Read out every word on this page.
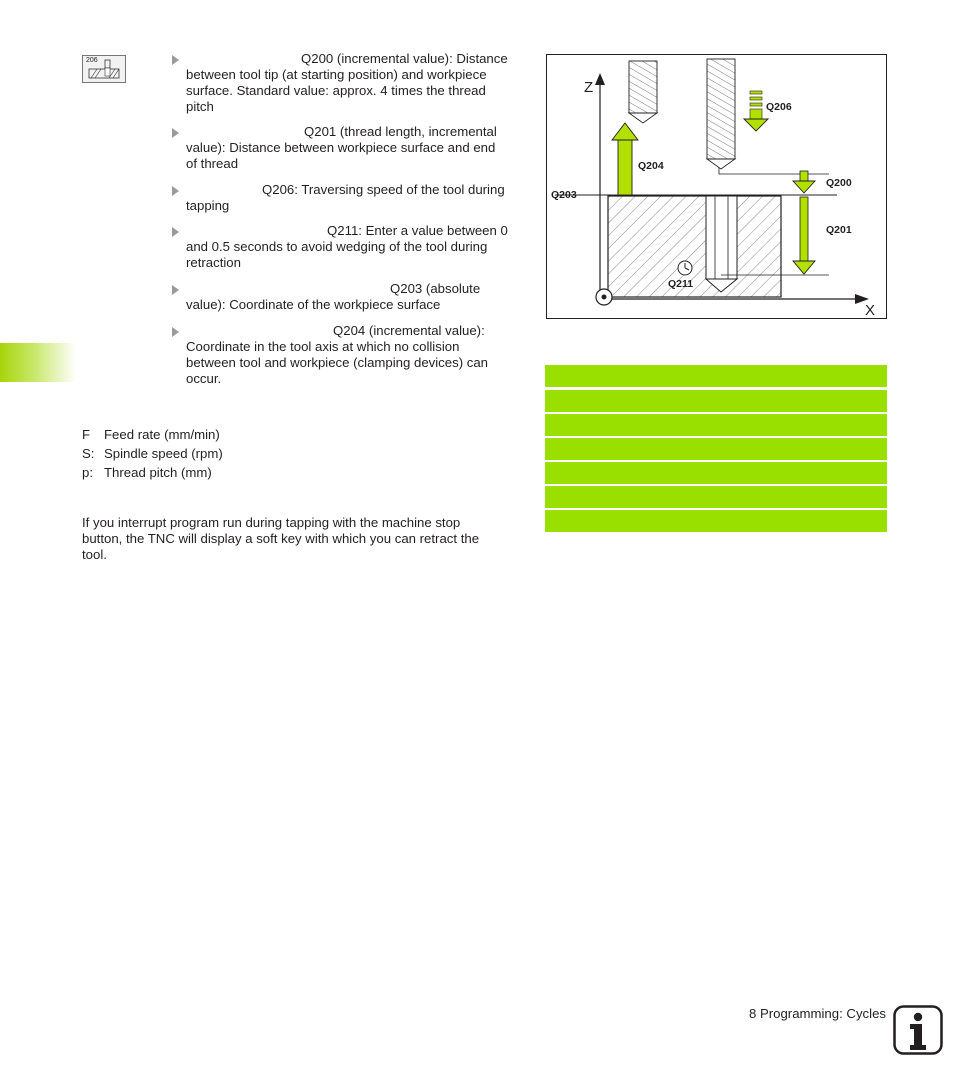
206	Q200 (incremental value): Distance
between tool tip (at starting position) and workpiece
surface. Standard value: approx. 4 times the thread
pitch
Q201 (thread length, incremental
value): Distance between workpiece surface and end
of thread
Q206: Traversing speed of the tool during
tapping
Q211: Enter a value between 0
and 0.5 seconds to avoid wedging of the tool during
retraction
Q203 (absolute
value): Coordinate of the workpiece surface
Q204 (incremental value):
Coordinate in the tool axis at which no collision
between tool and workpiece (clamping devices) can
occur.
F Feed rate (mm/min)
S: Spindle speed (rpm)
p: Thread pitch (mm)
If you interrupt program run during tapping with the machine stop
button, the TNC will display a soft key with which you can retract the
tool.
Z
X
Q204
Q206
Q200
Q203
Q201
Q211
8 Programming: Cycles
